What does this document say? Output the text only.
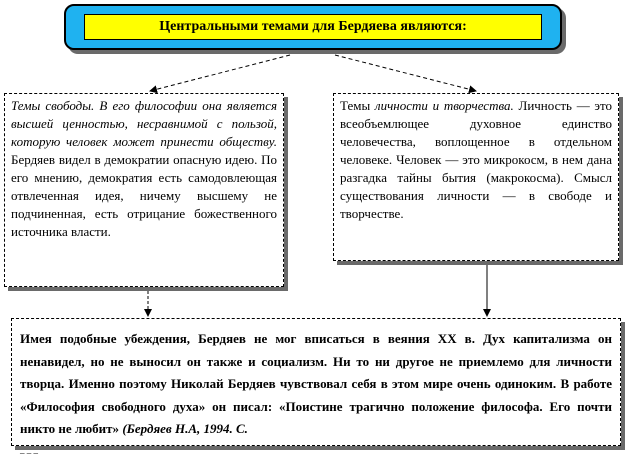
Центральными темами для Бердяева являются:
Темы свободы. В его философии она является высшей ценностью, несравнимой с пользой, которую человек может принести обществу. Бердяев видел в демократии опасную идею. По его мнению, демократия есть самодовлеющая отвлеченная идея, ничему высшему не подчиненная, есть отрицание божественного источника власти.
Темы личности и творчества. Личность — это всеобъемлющее духовное единство человечества, воплощенное в отдельном человеке. Человек — это микрокосм, в нем дана разгадка тайны бытия (макрокосма). Смысл существования личности — в свободе и творчестве.
Имея подобные убеждения, Бердяев не мог вписаться в веяния XX в. Дух капитализма он ненавидел, но не выносил он также и социализм. Ни то ни другое не приемлемо для личности творца. Именно поэтому Николай Бердяев чувствовал себя в этом мире очень одиноким. В работе «Философия свободного духа» он писал: «Поистине трагично положение философа. Его почти никто не любит» (Бердяев Н.А, 1994. С.
– – –
